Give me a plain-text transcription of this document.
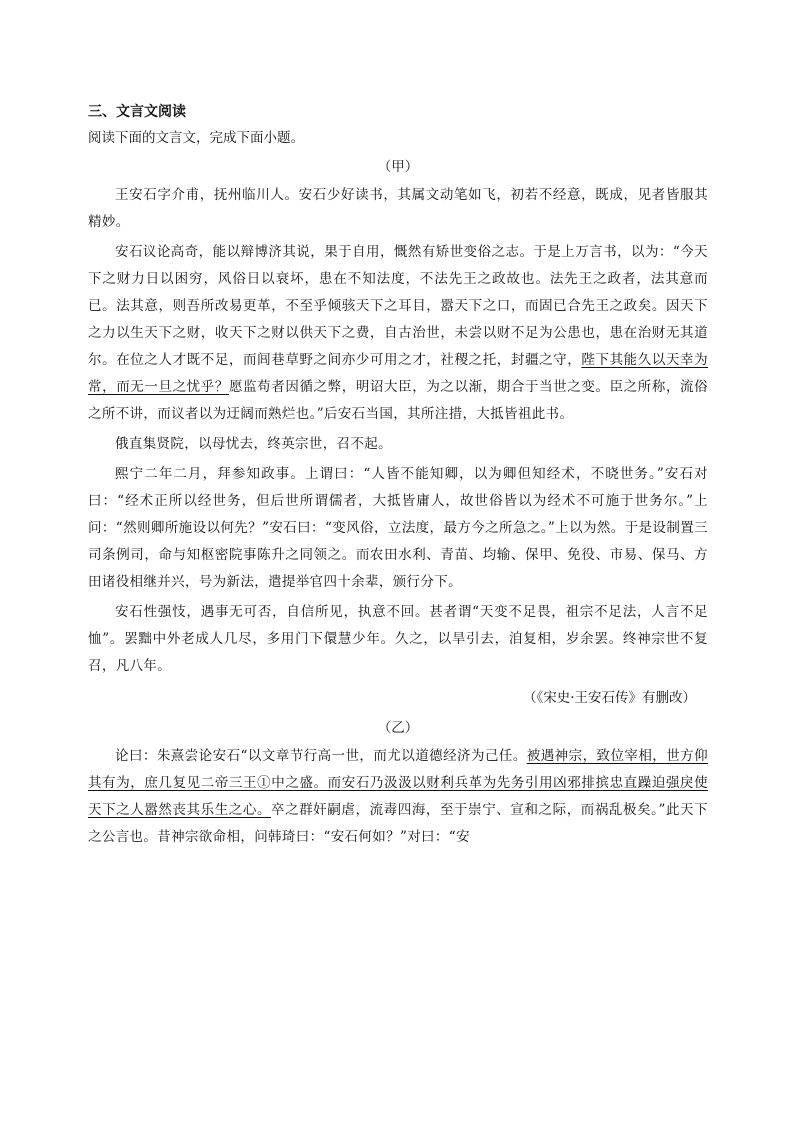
三、文言文阅读

阅读下面的文言文，完成下面小题。

（甲）

王安石字介甫，抚州临川人。安石少好读书，其属文动笔如飞，初若不经意，既成，见者皆服其精妙。

安石议论高奇，能以辩博济其说，果于自用，慨然有矫世变俗之志。于是上万言书，以为：“今天下之财力日以困穷，风俗日以衰坏，患在不知法度，不法先王之政故也。法先王之政者，法其意而已。法其意，则吾所改易更革，不至乎倾骇天下之耳目，嚣天下之口，而固已合先王之政矣。因天下之力以生天下之财，收天下之财以供天下之费，自古治世，未尝以财不足为公患也，患在治财无其道尔。在位之人才既不足，而闾巷草野之间亦少可用之才，社稷之托，封疆之守，陛下其能久以天幸为常，而无一旦之忧乎？愿监苟者因循之弊，明诏大臣，为之以渐，期合于当世之变。臣之所称，流俗之所不讲，而议者以为迂阔而熟烂也。”后安石当国，其所注措，大抵皆祖此书。

俄直集贤院，以母忧去，终英宗世，召不起。

熙宁二年二月，拜参知政事。上谓曰：“人皆不能知卿，以为卿但知经术，不晓世务。”安石对曰：“经术正所以经世务，但后世所谓儒者，大抵皆庸人，故世俗皆以为经术不可施于世务尔。”上问：“然则卿所施设以何先？”安石曰：“变风俗，立法度，最方今之所急之。”上以为然。于是设制置三司条例司，命与知枢密院事陈升之同领之。而农田水利、青苗、均输、保甲、免役、市易、保马、方田诸役相继并兴，号为新法，遣提举官四十余辈，颁行分下。

安石性强忮，遇事无可否，自信所见，执意不回。甚者谓“天变不足畏，祖宗不足法，人言不足恤”。罢黜中外老成人几尽，多用门下儇慧少年。久之，以旱引去，洎复相，岁余罢。终神宗世不复召，凡八年。

（《宋史·王安石传》有删改）

（乙）

论曰：朱熹尝论安石“以文章节行高一世，而尤以道德经济为己任。被遇神宗，致位宰相，世方仰其有为，庶几复见二帝三王①中之盛。而安石乃汲汲以财利兵革为先务引用凶邪排摈忠直躁迫强戾使天下之人嚣然丧其乐生之心。卒之群奸嗣虐，流毒四海，至于崇宁、宣和之际，而祸乱极矣。”此天下之公言也。昔神宗欲命相，问韩琦曰：“安石何如？”对曰：“安
